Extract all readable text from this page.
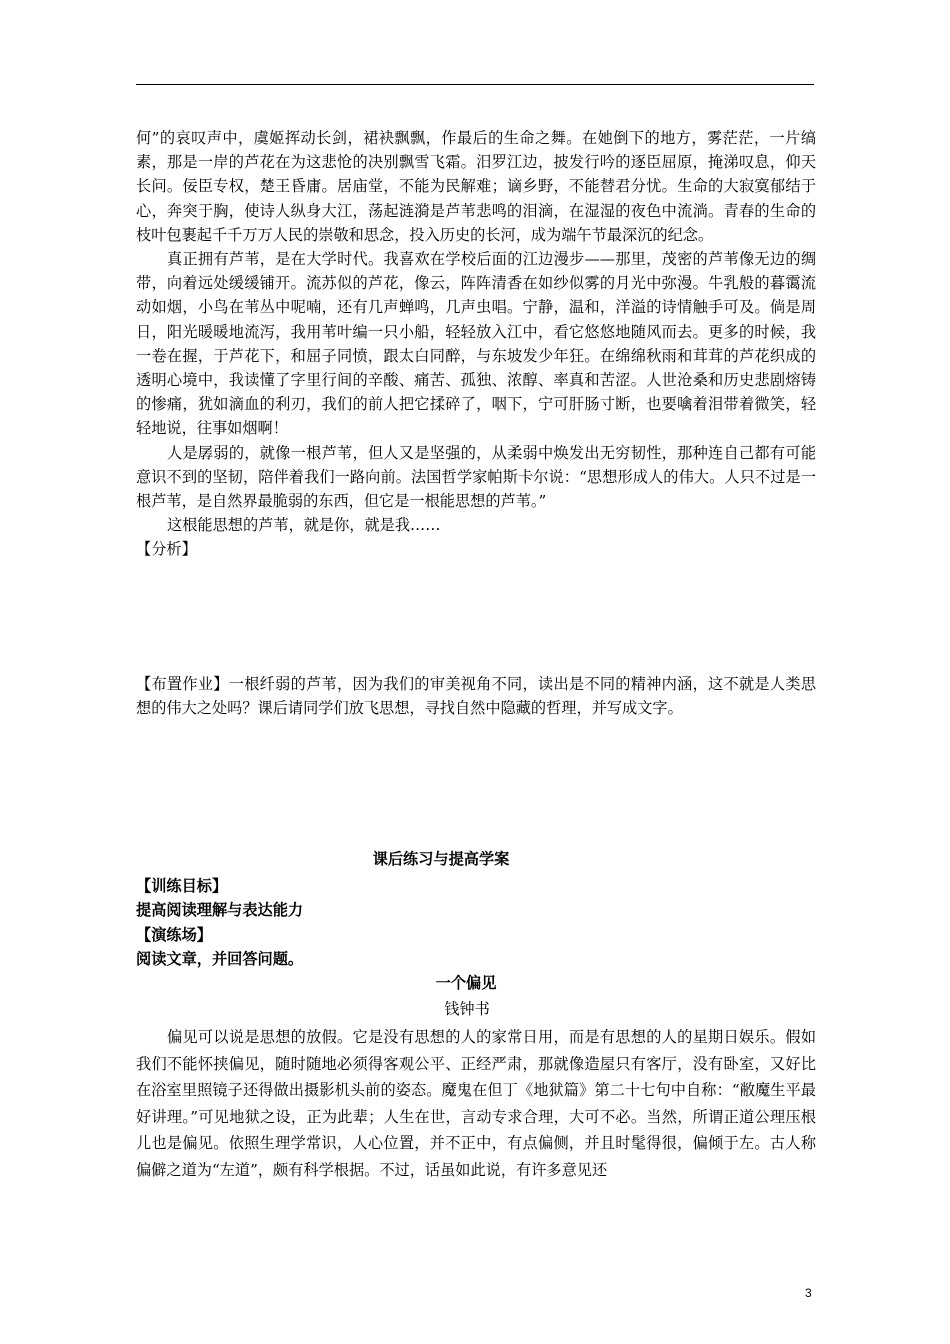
何”的哀叹声中，虞姬挥动长剑，裙袂飘飘，作最后的生命之舞。在她倒下的地方，雾茫茫，一片缟素，那是一岸的芦花在为这悲怆的决别飘雪飞霜。汨罗江边，披发行吟的逐臣屈原，掩涕叹息，仰天长问。佞臣专权，楚王昏庸。居庙堂，不能为民解难；谪乡野，不能替君分忧。生命的大寂寞郁结于心，奔突于胸，使诗人纵身大江，荡起涟漪是芦苇悲鸣的泪滴，在湿湿的夜色中流淌。青春的生命的枝叶包裹起千千万万人民的崇敬和思念，投入历史的长河，成为端午节最深沉的纪念。

真正拥有芦苇，是在大学时代。我喜欢在学校后面的江边漫步——那里，茂密的芦苇像无边的绸带，向着远处缓缓铺开。流苏似的芦花，像云，阵阵清香在如纱似雾的月光中弥漫。牛乳般的暮霭流动如烟，小鸟在苇丛中呢喃，还有几声蝉鸣，几声虫唱。宁静，温和，洋溢的诗情触手可及。倘是周日，阳光暖暖地流泻，我用苇叶编一只小船，轻轻放入江中，看它悠悠地随风而去。更多的时候，我一卷在握，于芦花下，和屈子同愤，跟太白同醉，与东坡发少年狂。在绵绵秋雨和茸茸的芦花织成的透明心境中，我读懂了字里行间的辛酸、痛苦、孤独、浓醇、率真和苦涩。人世沧桑和历史悲剧熔铸的惨痛，犹如滴血的利刃，我们的前人把它揉碎了，咽下，宁可肝肠寸断，也要噙着泪带着微笑，轻轻地说，往事如烟啊！

人是孱弱的，就像一根芦苇，但人又是坚强的，从柔弱中焕发出无穷韧性，那种连自己都有可能意识不到的坚韧，陪伴着我们一路向前。法国哲学家帕斯卡尔说：“思想形成人的伟大。人只不过是一根芦苇，是自然界最脆弱的东西，但它是一根能思想的芦苇。”

这根能思想的芦苇，就是你，就是我……

【分析】

【布置作业】一根纤弱的芦苇，因为我们的审美视角不同，读出是不同的精神内涵，这不就是人类思想的伟大之处吗？课后请同学们放飞思想，寻找自然中隐藏的哲理，并写成文字。

课后练习与提高学案

【训练目标】

提高阅读理解与表达能力

【演练场】

阅读文章，并回答问题。

一个偏见
钱钟书

偏见可以说是思想的放假。它是没有思想的人的家常日用，而是有思想的人的星期日娱乐。假如我们不能怀挟偏见，随时随地必须得客观公平、正经严肃，那就像造屋只有客厅，没有卧室，又好比在浴室里照镜子还得做出摄影机头前的姿态。魔鬼在但丁《地狱篇》第二十七句中自称：“敝魔生平最好讲理。”可见地狱之设，正为此辈；人生在世，言动专求合理，大可不必。当然，所谓正道公理压根儿也是偏见。依照生理学常识，人心位置，并不正中，有点偏侧，并且时髦得很，偏倾于左。古人称偏僻之道为“左道”，颇有科学根据。不过，话虽如此说，有许多意见还

3
